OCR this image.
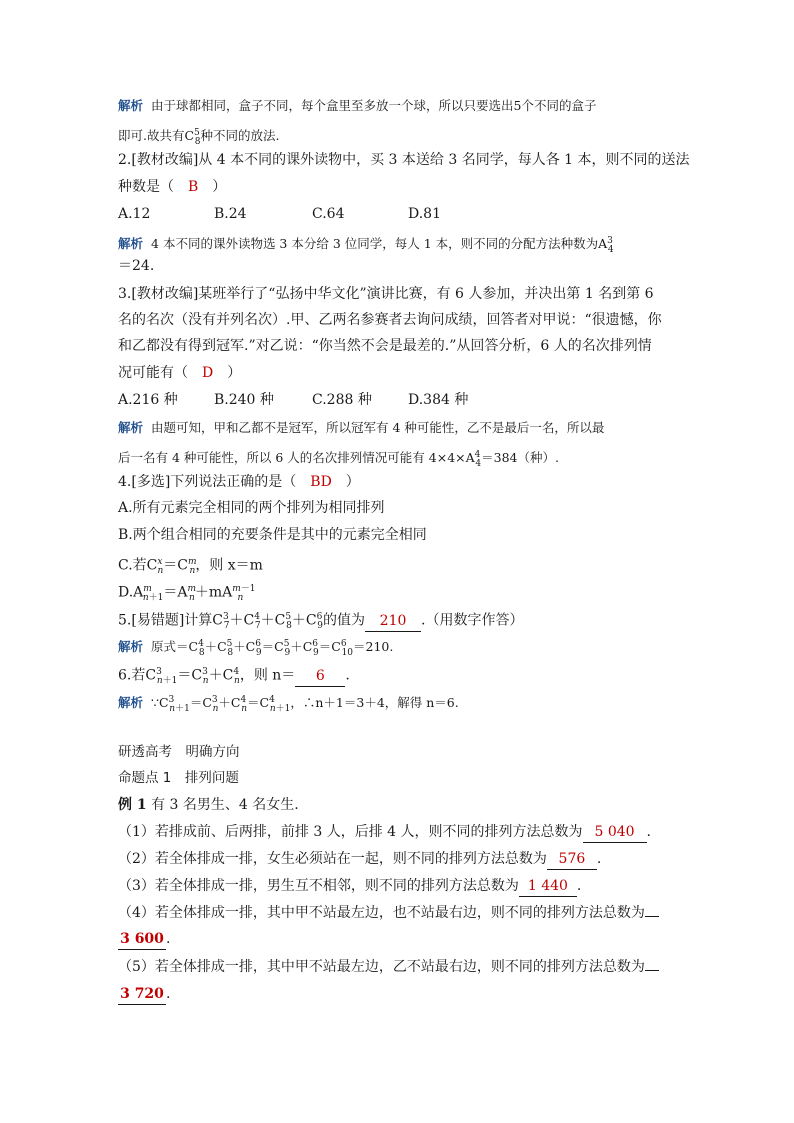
解析 由于球都相同，盒子不同，每个盒里至多放一个球，所以只要选出5个不同的盒子
即可.故共有$C^5_8$种不同的放法.
2.[教材改编]从 4 本不同的课外读物中，买 3 本送给 3 名同学，每人各 1 本，则不同的送法
种数是（　B　）
A.12	B.24	C.64	D.81
解析 4 本不同的课外读物选 3 本分给 3 位同学，每人 1 本，则不同的分配方法种数为$A^3_4$
＝24.
3.[教材改编]某班举行了“弘扬中华文化”演讲比赛，有 6 人参加，并决出第 1 名到第 6
名的名次（没有并列名次）.甲、乙两名参赛者去询问成绩，回答者对甲说：“很遗憾，你
和乙都没有得到冠军.”对乙说：“你当然不会是最差的.”从回答分析，6 人的名次排列情
况可能有（　D　）
A.216 种	B.240 种	C.288 种	D.384 种
解析 由题可知，甲和乙都不是冠军，所以冠军有 4 种可能性，乙不是最后一名，所以最
后一名有 4 种可能性，所以 6 人的名次排列情况可能有 $4\times 4\times A^4_4=384$（种）.
4.[多选]下列说法正确的是（　BD　）
A.所有元素完全相同的两个排列为相同排列
B.两个组合相同的充要条件是其中的元素完全相同
C.若$C^x_n=C^m_n$，则 x＝m
$D.A^m_{n+1}=A^m_n+mA^{m-1}_n$
5.[易错题]计算$C^3_7+C^4_7+C^5_8+C^6_9$的值为 210 .（用数字作答）
解析 原式$=C^4_8+C^5_8+C^6_9=C^5_9+C^6_9=C^6_{10}=210$.
6.若$C^3_{n+1}=C^3_n+C^4_n$，则 n＝ 6 .
解析 $\because C^3_{n+1}=C^3_n+C^4_n=C^4_{n+1}$，∴n＋1＝3＋4，解得 n＝6.
研透高考　明确方向
命题点 1　排列问题
例 1 有 3 名男生、4 名女生.
（1）若排成前、后两排，前排 3 人，后排 4 人，则不同的排列方法总数为 5 040 .
（2）若全体排成一排，女生必须站在一起，则不同的排列方法总数为 576 .
（3）若全体排成一排，男生互不相邻，则不同的排列方法总数为 1 440 .
（4）若全体排成一排，其中甲不站最左边，也不站最右边，则不同的排列方法总数为
3 600 .
（5）若全体排成一排，其中甲不站最左边，乙不站最右边，则不同的排列方法总数为
3 720 .
